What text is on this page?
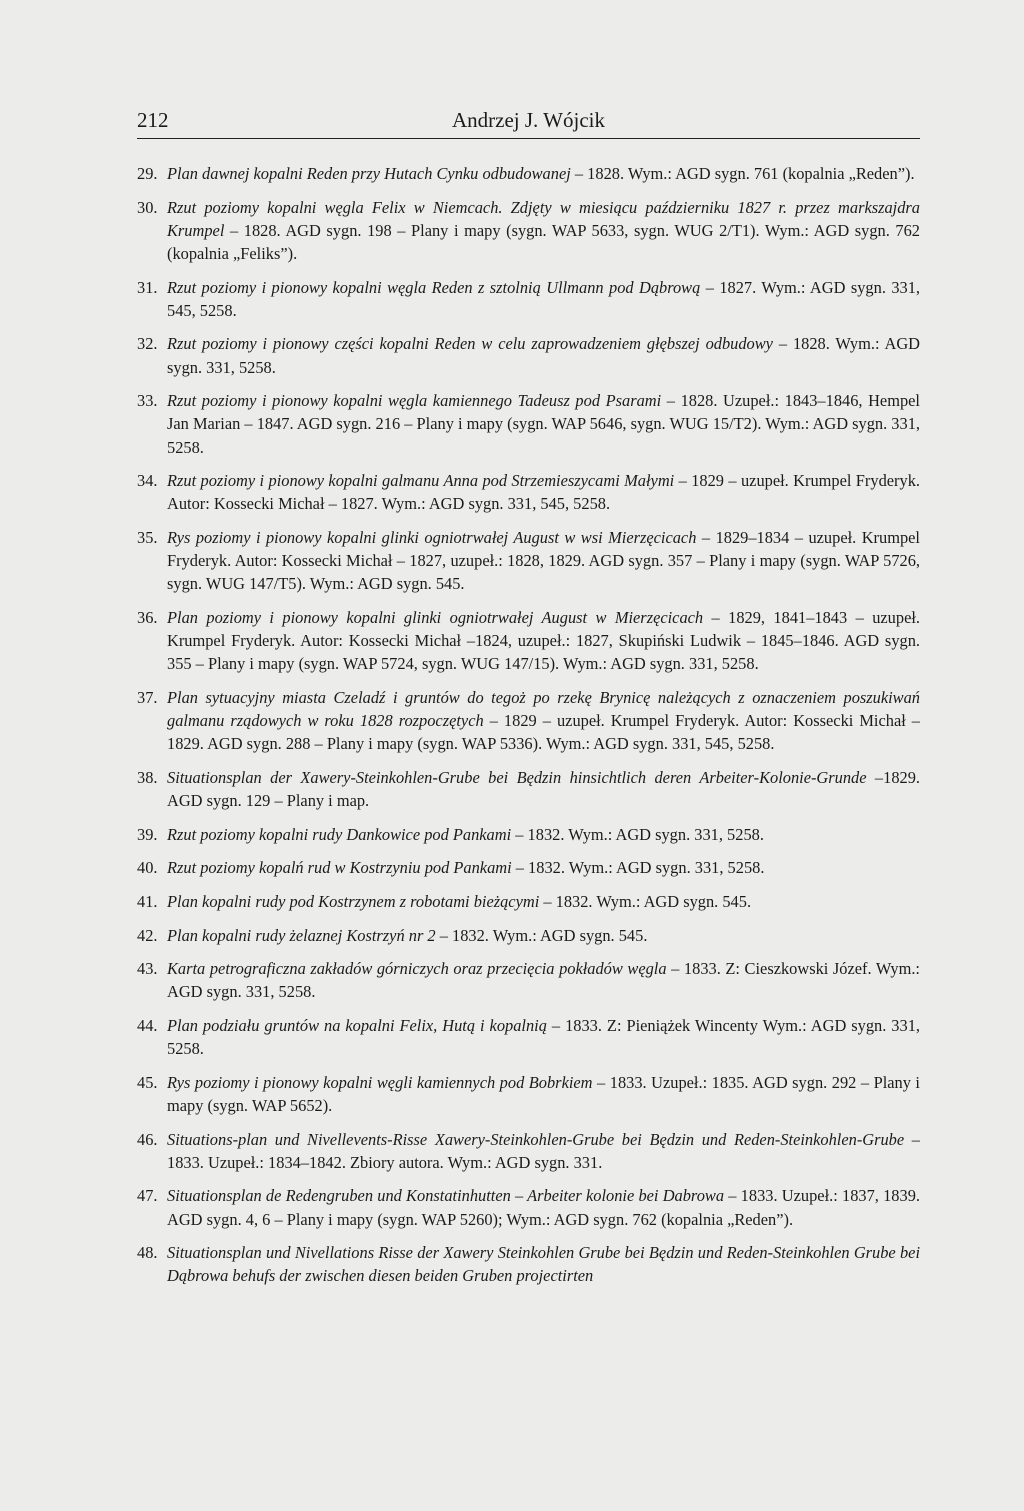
212	Andrzej J. Wójcik
29. Plan dawnej kopalni Reden przy Hutach Cynku odbudowanej – 1828. Wym.: AGD sygn. 761 (kopalnia „Reden”).
30. Rzut poziomy kopalni węgla Felix w Niemcach. Zdjęty w miesiącu październiku 1827 r. przez markszajdra Krumpel – 1828. AGD sygn. 198 – Plany i mapy (sygn. WAP 5633, sygn. WUG 2/T1). Wym.: AGD sygn. 762 (kopalnia „Feliks”).
31. Rzut poziomy i pionowy kopalni węgla Reden z sztolnią Ullmann pod Dąbrową – 1827. Wym.: AGD sygn. 331, 545, 5258.
32. Rzut poziomy i pionowy części kopalni Reden w celu zaprowadzeniem głębszej odbudowy – 1828. Wym.: AGD sygn. 331, 5258.
33. Rzut poziomy i pionowy kopalni węgla kamiennego Tadeusz pod Psarami – 1828. Uzupeł.: 1843–1846, Hempel Jan Marian – 1847. AGD sygn. 216 – Plany i mapy (sygn. WAP 5646, sygn. WUG 15/T2). Wym.: AGD sygn. 331, 5258.
34. Rzut poziomy i pionowy kopalni galmanu Anna pod Strzemieszycami Małymi – 1829 – uzupeł. Krumpel Fryderyk. Autor: Kossecki Michał – 1827. Wym.: AGD sygn. 331, 545, 5258.
35. Rys poziomy i pionowy kopalni glinki ogniotrwałej August w wsi Mierzęcicach – 1829–1834 – uzupeł. Krumpel Fryderyk. Autor: Kossecki Michał – 1827, uzupeł.: 1828, 1829. AGD sygn. 357 – Plany i mapy (sygn. WAP 5726, sygn. WUG 147/T5). Wym.: AGD sygn. 545.
36. Plan poziomy i pionowy kopalni glinki ogniotrwałej August w Mierzęcicach – 1829, 1841–1843 – uzupeł. Krumpel Fryderyk. Autor: Kossecki Michał –1824, uzupeł.: 1827, Skupiński Ludwik – 1845–1846. AGD sygn. 355 – Plany i mapy (sygn. WAP 5724, sygn. WUG 147/15). Wym.: AGD sygn. 331, 5258.
37. Plan sytuacyjny miasta Czeladź i gruntów do tegoż po rzekę Brynicę należących z oznaczeniem poszukiwań galmanu rządowych w roku 1828 rozpoczętych – 1829 – uzupeł. Krumpel Fryderyk. Autor: Kossecki Michał –1829. AGD sygn. 288 – Plany i mapy (sygn. WAP 5336). Wym.: AGD sygn. 331, 545, 5258.
38. Situationsplan der Xawery-Steinkohlen-Grube bei Będzin hinsichtlich deren Arbeiter-Kolonie-Grunde –1829. AGD sygn. 129 – Plany i map.
39. Rzut poziomy kopalni rudy Dankowice pod Pankami – 1832. Wym.: AGD sygn. 331, 5258.
40. Rzut poziomy kopalń rud w Kostrzyniu pod Pankami – 1832. Wym.: AGD sygn. 331, 5258.
41. Plan kopalni rudy pod Kostrzynem z robotami bieżącymi – 1832. Wym.: AGD sygn. 545.
42. Plan kopalni rudy żelaznej Kostrzyń nr 2 – 1832. Wym.: AGD sygn. 545.
43. Karta petrograficzna zakładów górniczych oraz przecięcia pokładów węgla – 1833. Z: Cieszkowski Józef. Wym.: AGD sygn. 331, 5258.
44. Plan podziału gruntów na kopalni Felix, Hutą i kopalnią – 1833. Z: Pieniążek Wincenty Wym.: AGD sygn. 331, 5258.
45. Rys poziomy i pionowy kopalni węgli kamiennych pod Bobrkiem – 1833. Uzupeł.: 1835. AGD sygn. 292 – Plany i mapy (sygn. WAP 5652).
46. Situations-plan und Nivellevents-Risse Xawery-Steinkohlen-Grube bei Będzin und Reden-Steinkohlen-Grube – 1833. Uzupeł.: 1834–1842. Zbiory autora. Wym.: AGD sygn. 331.
47. Situationsplan de Redengruben und Konstatinhutten – Arbeiter kolonie bei Dabrowa – 1833. Uzupeł.: 1837, 1839. AGD sygn. 4, 6 – Plany i mapy (sygn. WAP 5260); Wym.: AGD sygn. 762 (kopalnia „Reden”).
48. Situationsplan und Nivellations Risse der Xawery Steinkohlen Grube bei Będzin und Reden-Steinkohlen Grube bei Dąbrowa behufs der zwischen diesen beiden Gruben projectirten
